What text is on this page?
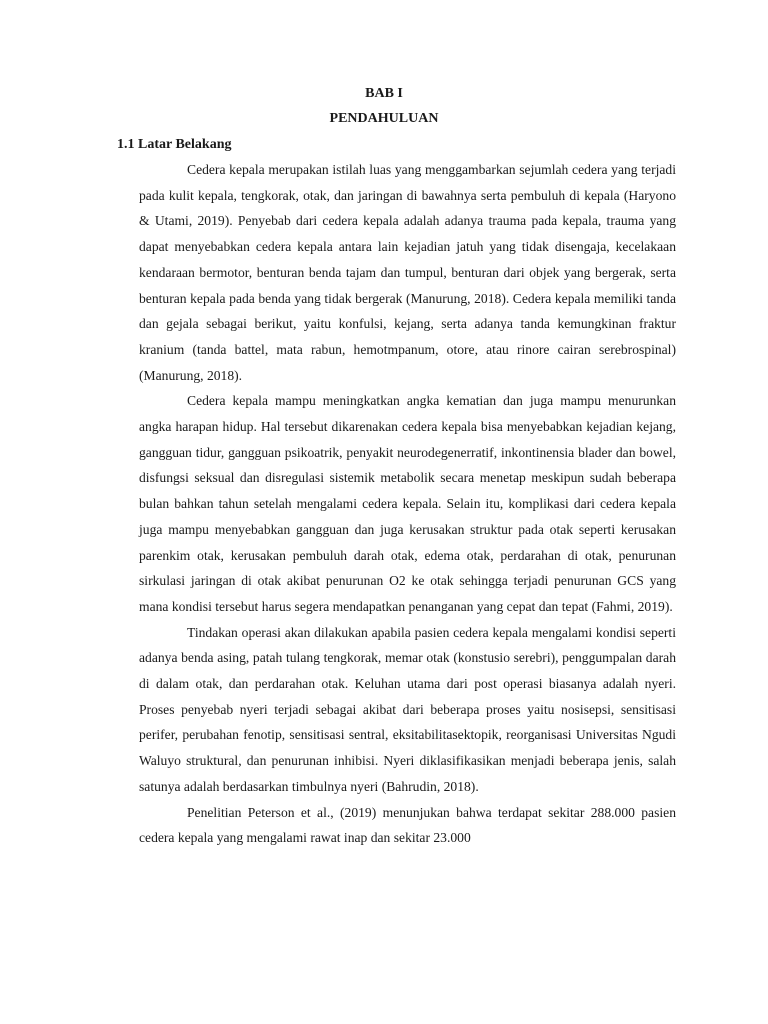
BAB I
PENDAHULUAN
1.1 Latar Belakang

Cedera kepala merupakan istilah luas yang menggambarkan sejumlah cedera yang terjadi pada kulit kepala, tengkorak, otak, dan jaringan di bawahnya serta pembuluh di kepala (Haryono & Utami, 2019). Penyebab dari cedera kepala adalah adanya trauma pada kepala, trauma yang dapat menyebabkan cedera kepala antara lain kejadian jatuh yang tidak disengaja, kecelakaan kendaraan bermotor, benturan benda tajam dan tumpul, benturan dari objek yang bergerak, serta benturan kepala pada benda yang tidak bergerak (Manurung, 2018). Cedera kepala memiliki tanda dan gejala sebagai berikut, yaitu konfulsi, kejang, serta adanya tanda kemungkinan fraktur kranium (tanda battel, mata rabun, hemotmpanum, otore, atau rinore cairan serebrospinal) (Manurung, 2018).

Cedera kepala mampu meningkatkan angka kematian dan juga mampu menurunkan angka harapan hidup. Hal tersebut dikarenakan cedera kepala bisa menyebabkan kejadian kejang, gangguan tidur, gangguan psikoatrik, penyakit neurodegenerratif, inkontinensia blader dan bowel, disfungsi seksual dan disregulasi sistemik metabolik secara menetap meskipun sudah beberapa bulan bahkan tahun setelah mengalami cedera kepala. Selain itu, komplikasi dari cedera kepala juga mampu menyebabkan gangguan dan juga kerusakan struktur pada otak seperti kerusakan parenkim otak, kerusakan pembuluh darah otak, edema otak, perdarahan di otak, penurunan sirkulasi jaringan di otak akibat penurunan O2 ke otak sehingga terjadi penurunan GCS yang mana kondisi tersebut harus segera mendapatkan penanganan yang cepat dan tepat (Fahmi, 2019).

Tindakan operasi akan dilakukan apabila pasien cedera kepala mengalami kondisi seperti adanya benda asing, patah tulang tengkorak, memar otak (konstusio serebri), penggumpalan darah di dalam otak, dan perdarahan otak. Keluhan utama dari post operasi biasanya adalah nyeri. Proses penyebab nyeri terjadi sebagai akibat dari beberapa proses yaitu nosisepsi, sensitisasi perifer, perubahan fenotip, sensitisasi sentral, eksitabilitasektopik, reorganisasi Universitas Ngudi Waluyo struktural, dan penurunan inhibisi. Nyeri diklasifikasikan menjadi beberapa jenis, salah satunya adalah berdasarkan timbulnya nyeri (Bahrudin, 2018).

Penelitian Peterson et al., (2019) menunjukan bahwa terdapat sekitar 288.000 pasien cedera kepala yang mengalami rawat inap dan sekitar 23.000
